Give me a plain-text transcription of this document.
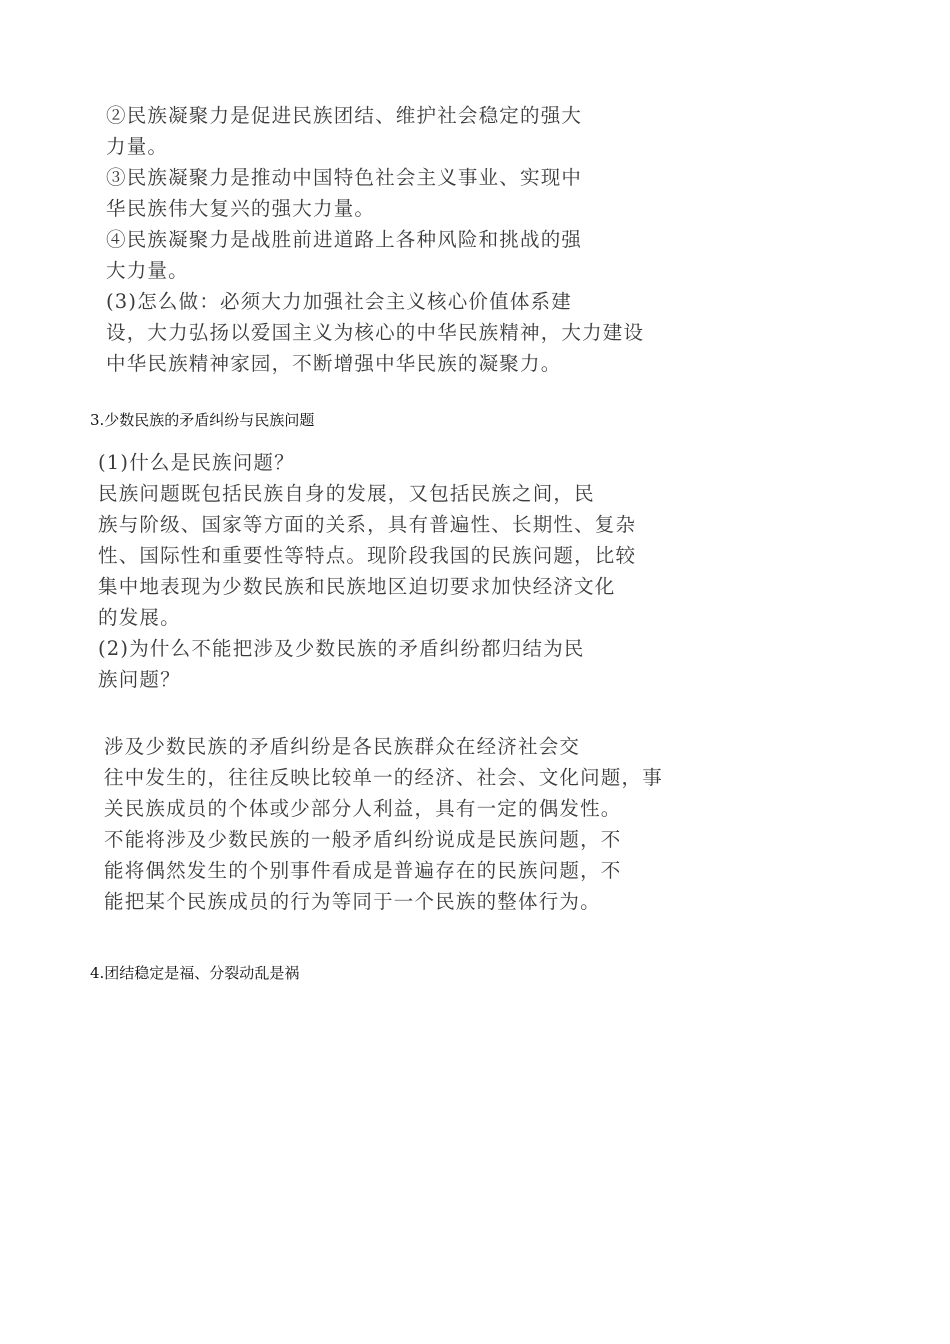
②民族凝聚力是促进民族团结、维护社会稳定的强大

力量。

③民族凝聚力是推动中国特色社会主义事业、实现中

华民族伟大复兴的强大力量。

④民族凝聚力是战胜前进道路上各种风险和挑战的强

大力量。

(3)怎么做：必须大力加强社会主义核心价值体系建

设，大力弘扬以爱国主义为核心的中华民族精神，大力建设

中华民族精神家园，不断增强中华民族的凝聚力。

3.少数民族的矛盾纠纷与民族问题

(1)什么是民族问题？

民族问题既包括民族自身的发展，又包括民族之间，民

族与阶级、国家等方面的关系，具有普遍性、长期性、复杂

性、国际性和重要性等特点。现阶段我国的民族问题，比较

集中地表现为少数民族和民族地区迫切要求加快经济文化

的发展。

(2)为什么不能把涉及少数民族的矛盾纠纷都归结为民

族问题？

涉及少数民族的矛盾纠纷是各民族群众在经济社会交

往中发生的，往往反映比较单一的经济、社会、文化问题，事

关民族成员的个体或少部分人利益，具有一定的偶发性。

不能将涉及少数民族的一般矛盾纠纷说成是民族问题，不

能将偶然发生的个别事件看成是普遍存在的民族问题，不

能把某个民族成员的行为等同于一个民族的整体行为。

4.团结稳定是福、分裂动乱是祸
